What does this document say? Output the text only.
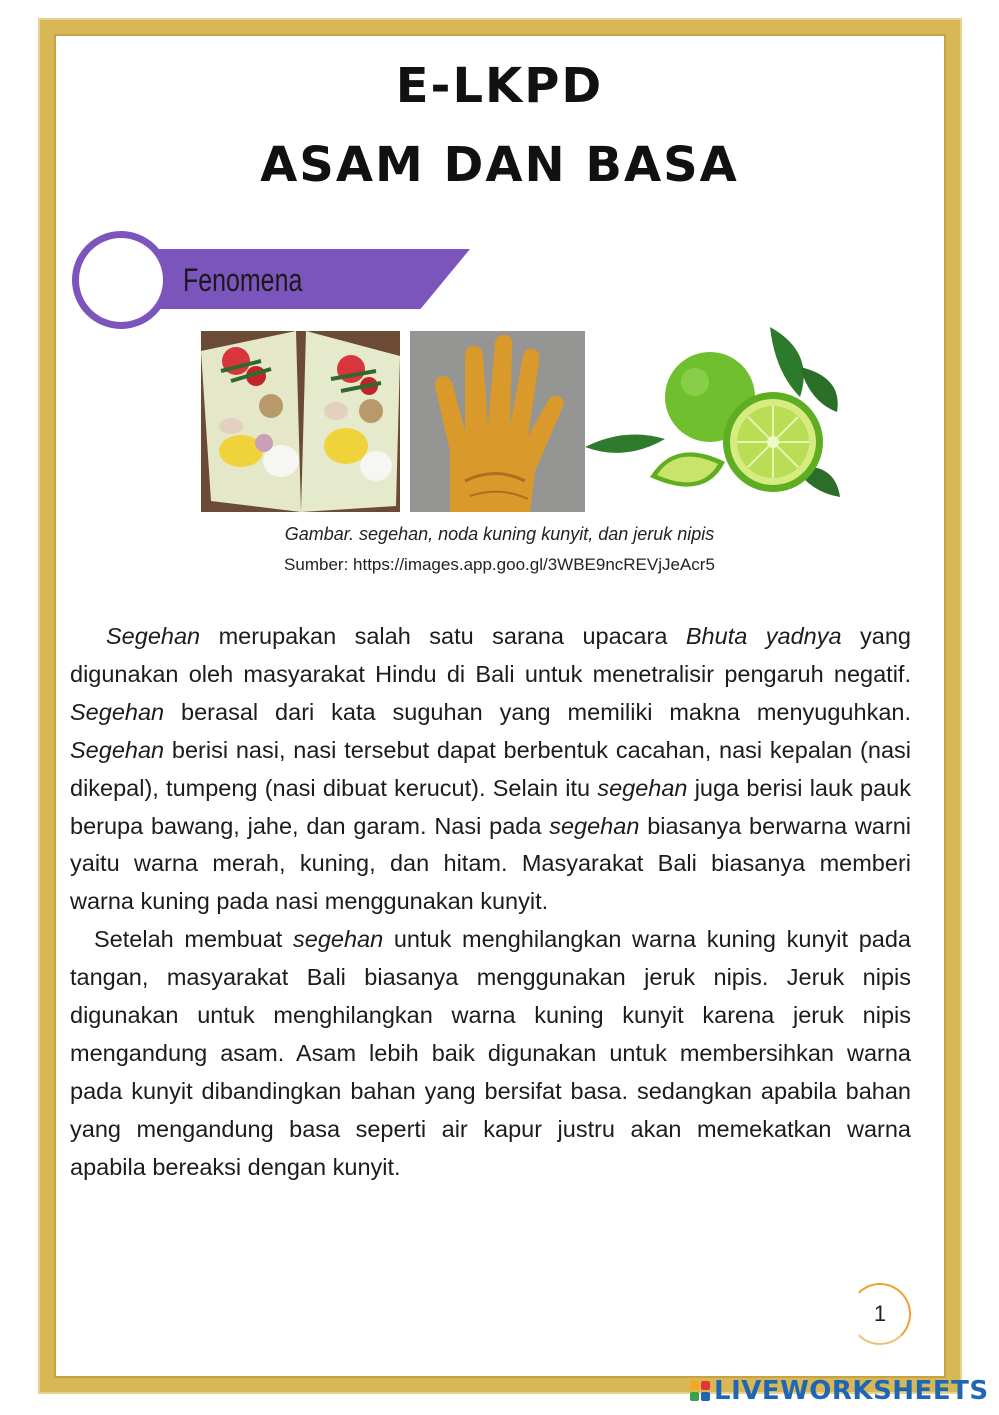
E-LKPD
ASAM DAN BASA
Fenomena
Gambar. segehan, noda kuning kunyit, dan jeruk nipis
Sumber: https://images.app.goo.gl/3WBE9ncREVjJeAcr5

Segehan merupakan salah satu sarana upacara Bhuta yadnya yang digunakan oleh masyarakat Hindu di Bali untuk menetralisir pengaruh negatif. Segehan berasal dari kata suguhan yang memiliki makna menyuguhkan. Segehan berisi nasi, nasi tersebut dapat berbentuk cacahan, nasi kepalan (nasi dikepal), tumpeng (nasi dibuat kerucut). Selain itu segehan juga berisi lauk pauk berupa bawang, jahe, dan garam. Nasi pada segehan biasanya berwarna warni yaitu warna merah, kuning, dan hitam. Masyarakat Bali biasanya memberi warna kuning pada nasi menggunakan kunyit.

Setelah membuat segehan untuk menghilangkan warna kuning kunyit pada tangan, masyarakat Bali biasanya menggunakan jeruk nipis. Jeruk nipis digunakan untuk menghilangkan warna kuning kunyit karena jeruk nipis mengandung asam. Asam lebih baik digunakan untuk membersihkan warna pada kunyit dibandingkan bahan yang bersifat basa. sedangkan apabila bahan yang mengandung basa seperti air kapur justru akan memekatkan warna apabila bereaksi dengan kunyit.

1
LIVEWORKSHEETS
